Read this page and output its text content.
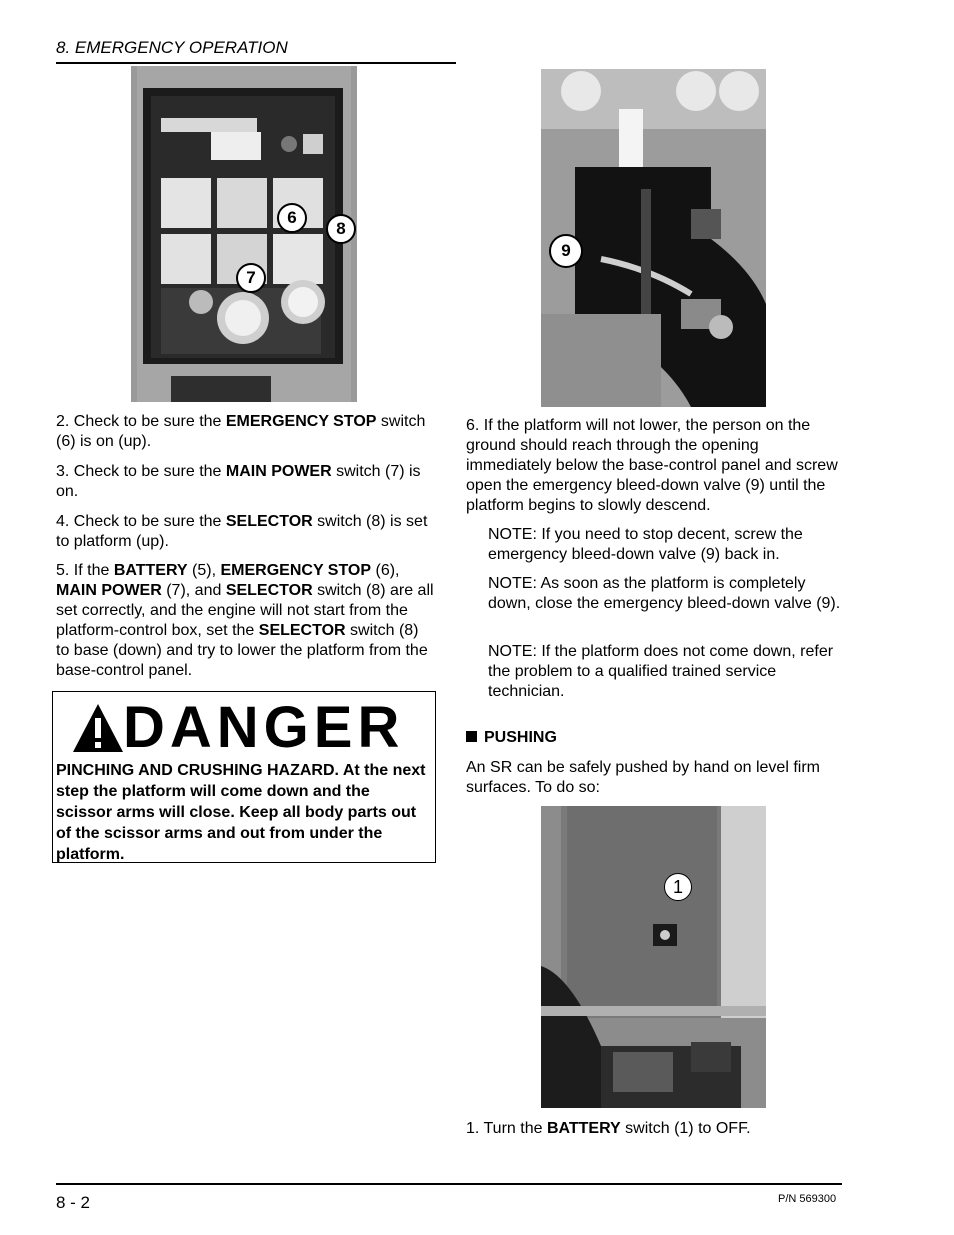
8. EMERGENCY OPERATION
6
8
7
9
2. Check to be sure the EMERGENCY STOP switch (6) is on (up).
3. Check to be sure the MAIN POWER switch (7) is on.
4. Check to be sure the SELECTOR switch (8) is set to platform (up).
5. If the BATTERY (5), EMERGENCY STOP (6), MAIN POWER (7), and SELECTOR switch (8) are all set correctly, and the engine will not start from the platform-control box, set the SELECTOR switch (8) to base (down) and try to lower the platform from the base-control panel.
DANGER
PINCHING AND CRUSHING HAZARD. At the next step the platform will come down and the scissor arms will close. Keep all body parts out of the scissor arms and out from under the platform.
6. If the platform will not lower, the person on the ground should reach through the opening immediately below the base-control panel and screw open the emergency bleed-down valve (9) until the platform begins to slowly descend.
NOTE: If you need to stop decent, screw the emergency bleed-down valve (9) back in.
NOTE: As soon as the platform is completely down, close the emergency bleed-down valve (9).
NOTE: If the platform does not come down, refer the problem to a qualified trained service technician.
PUSHING
An SR can be safely pushed by hand on level firm surfaces. To do so:
1
1. Turn the BATTERY switch (1) to OFF.
8 - 2	P/N 569300
